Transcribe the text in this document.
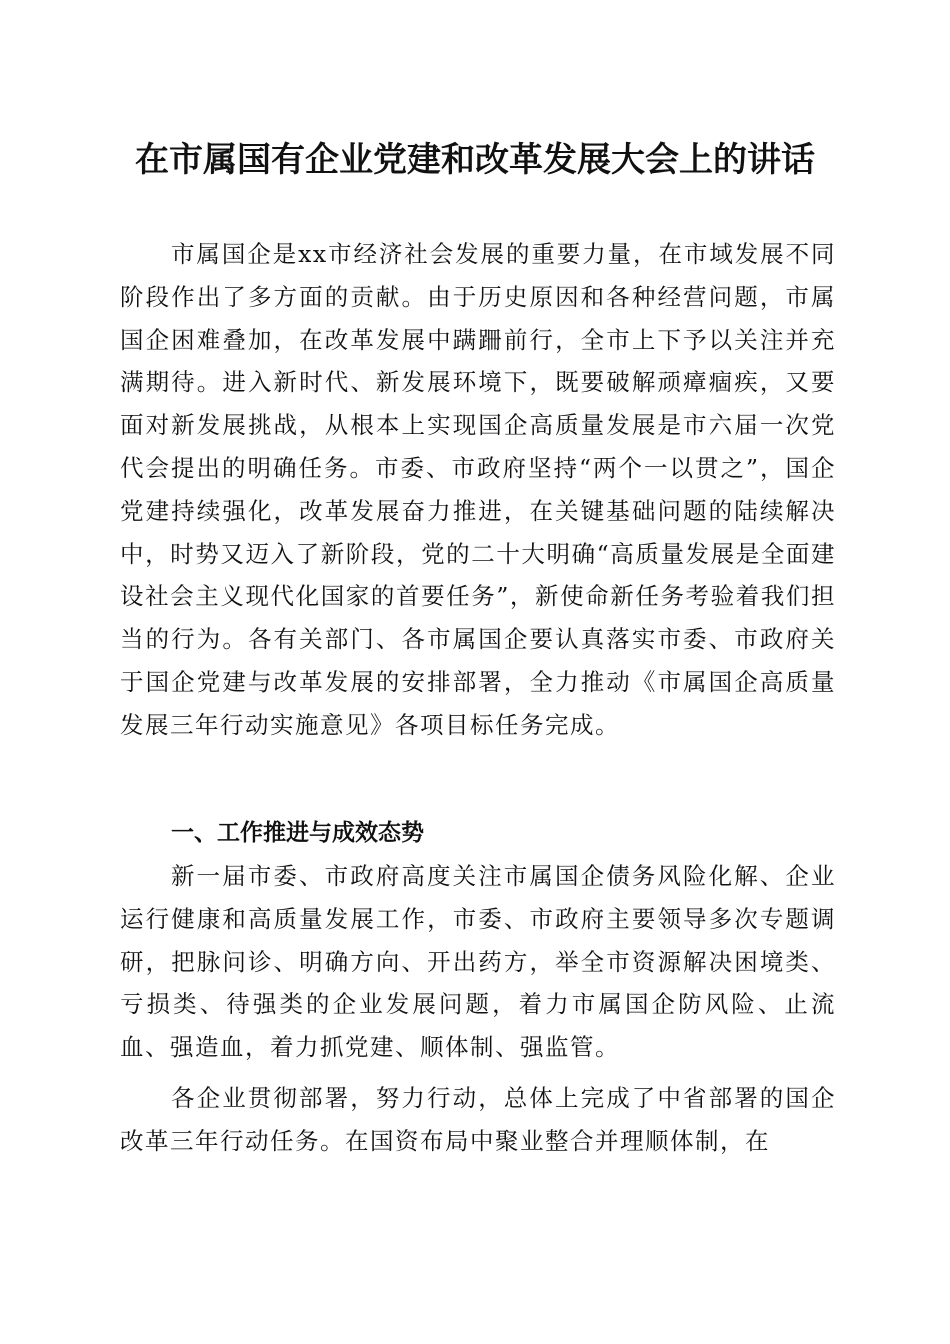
在市属国有企业党建和改革发展大会上的讲话

市属国企是xx市经济社会发展的重要力量，在市域发展不同阶段作出了多方面的贡献。由于历史原因和各种经营问题，市属国企困难叠加，在改革发展中蹒跚前行，全市上下予以关注并充满期待。进入新时代、新发展环境下，既要破解顽瘴痼疾，又要面对新发展挑战，从根本上实现国企高质量发展是市六届一次党代会提出的明确任务。市委、市政府坚持“两个一以贯之”，国企党建持续强化，改革发展奋力推进，在关键基础问题的陆续解决中，时势又迈入了新阶段，党的二十大明确“高质量发展是全面建设社会主义现代化国家的首要任务”，新使命新任务考验着我们担当的行为。各有关部门、各市属国企要认真落实市委、市政府关于国企党建与改革发展的安排部署，全力推动《市属国企高质量发展三年行动实施意见》各项目标任务完成。

一、工作推进与成效态势

新一届市委、市政府高度关注市属国企债务风险化解、企业运行健康和高质量发展工作，市委、市政府主要领导多次专题调研，把脉问诊、明确方向、开出药方，举全市资源解决困境类、亏损类、待强类的企业发展问题，着力市属国企防风险、止流血、强造血，着力抓党建、顺体制、强监管。

各企业贯彻部署，努力行动，总体上完成了中省部署的国企改革三年行动任务。在国资布局中聚业整合并理顺体制，在
